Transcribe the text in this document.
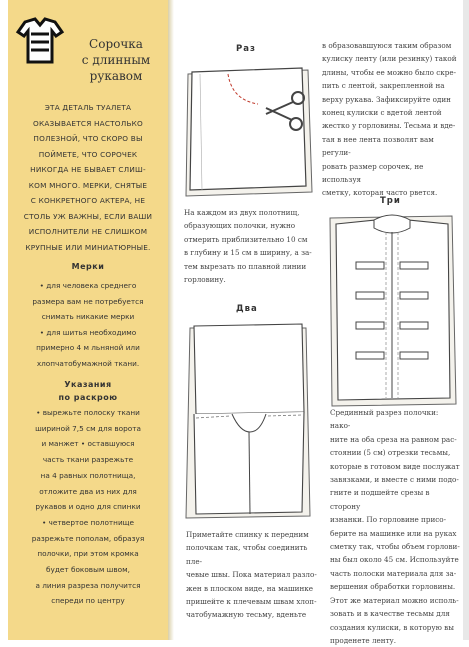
Сорочка
с длинным
рукавом
ЭТА ДЕТАЛЬ ТУАЛЕТА
ОКАЗЫВАЕТСЯ НАСТОЛЬКО
ПОЛЕЗНОЙ, ЧТО СКОРО ВЫ
ПОЙМЕТЕ, ЧТО СОРОЧЕК
НИКОГДА НЕ БЫВАЕТ СЛИШ-
КОМ МНОГО. МЕРКИ, СНЯТЫЕ
С КОНКРЕТНОГО АКТЕРА, НЕ
СТОЛЬ УЖ ВАЖНЫ, ЕСЛИ ВАШИ
ИСПОЛНИТЕЛИ НЕ СЛИШКОМ
КРУПНЫЕ ИЛИ МИНИАТЮРНЫЕ.
Мерки
• для человека среднего
размера вам не потребуется
снимать никакие мерки
• для шитья необходимо
примерно 4 м льняной или
хлопчатобумажной ткани.
Указания
по раскрою
• вырежьте полоску ткани
шириной 7,5 см для ворота
и манжет • оставшуюся
часть ткани разрежьте
на 4 равных полотнища,
отложите два из них для
рукавов и одно для спинки
• четвертое полотнище
разрежьте пополам, образуя
полочки, при этом кромка
будет боковым швом,
а линия разреза получится
спереди по центру
Раз
На каждом из двух полотнищ,
образующих полочки, нужно
отмерить приблизительно 10 см
в глубину и 15 см в ширину, а за-
тем вырезать по плавной линии
горловину.
в образовавшуюся таким образом
кулиску ленту (или резинку) такой
длины, чтобы ее можно было скре-
пить с лентой, закрепленной на
верху рукава. Зафиксируйте один
конец кулиски с вдетой лентой
жестко у горловины. Тесьма и вде-
тая в нее лента позволят вам регули-
ровать размер сорочек, не используя
сметку, которая часто рвется.
Два
Приметайте спинку к передним
полочкам так, чтобы соединить пле-
чевые швы. Пока материал разло-
жен в плоском виде, на машинке
пришейте к плечевым швам хлоп-
чатобумажную тесьму, вденьте
Три
Срединный разрез полочки: нако-
ните на оба среза на равном рас-
стоянии (5 см) отрезки тесьмы,
которые в готовом виде послужат
завязками, и вместе с ними подо-
гните и подшейте срезы в сторону
изнанки. По горловине присо-
берите на машинке или на руках
сметку так, чтобы объем горлови-
ны был около 45 см. Используйте
часть полоски материала для за-
вершения обработки горловины.
Этот же материал можно исполь-
зовать и в качестве тесьмы для
создания кулиски, в которую вы
проденете ленту.
